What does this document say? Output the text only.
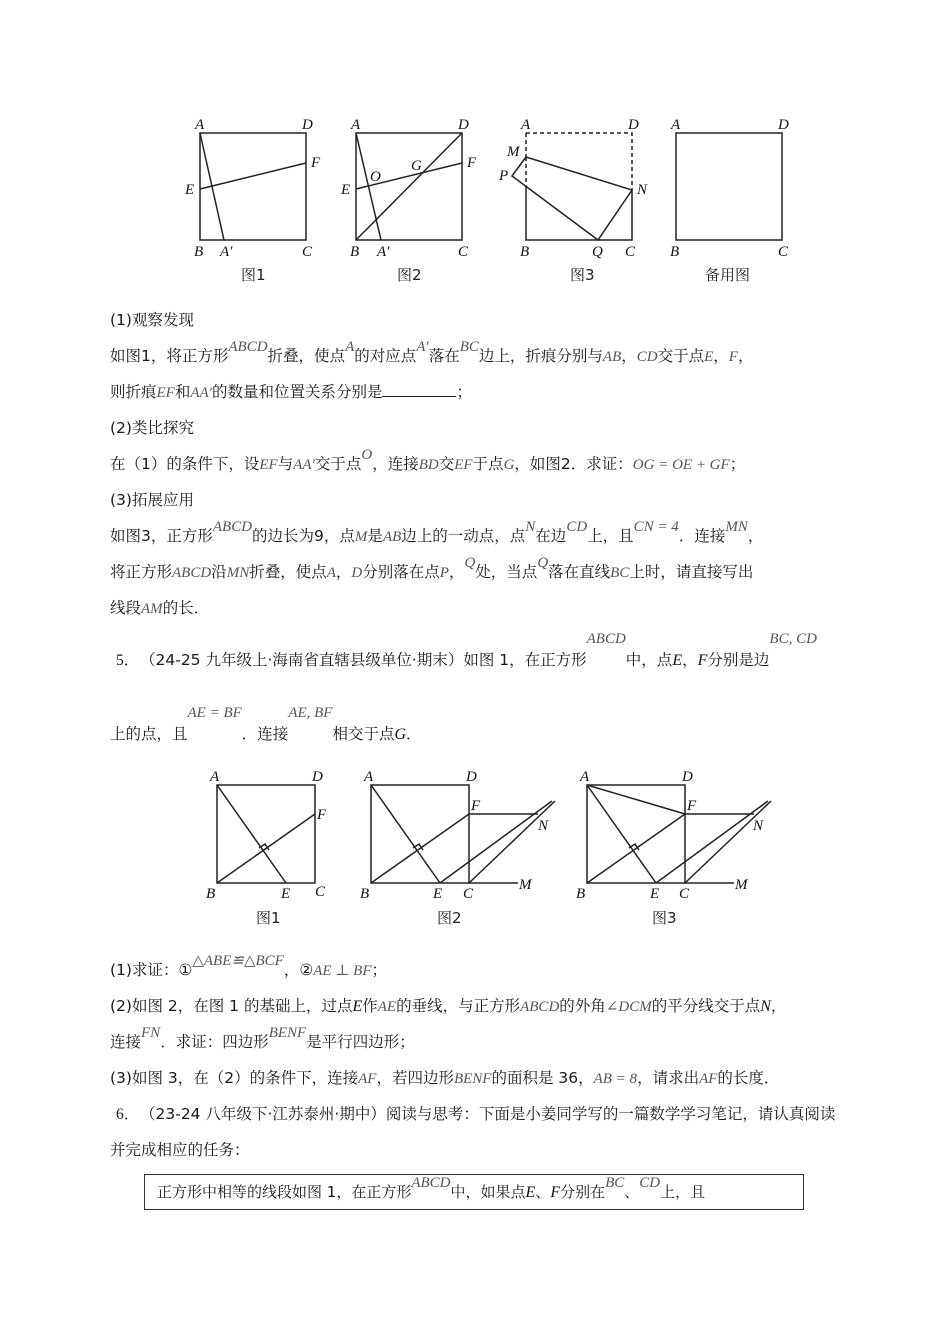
A	D
F
E
B A′	C
图1
A	D
O
G	F
E
B A′	C
图2
A	D
M
P
N
B	Q C
图3
A	D
B	C
备用图
(1)观察发现
如图1，将正方形ABCD折叠，使点A的对应点A′落在BC边上，折痕分别与AB，CD交于点E，F，
则折痕EF和AA′的数量和位置关系分别是	；
(2)类比探究
在（1）的条件下，设EF与AA′交于点O，连接BD交EF于点G，如图2．求证：OG = OE + GF；
(3)拓展应用
如图3，正方形ABCD的边长为9，点M是AB边上的一动点，点N在边CD上，且CN = 4．连接MN，
将正方形ABCD沿MN折叠，使点A，D分别落在点P，Q处，当点Q落在直线BC上时，请直接写出
线段AM的长．
5． （24-25 九年级上·海南省直辖县级单位·期末）如图 1，在正方形ABCD中，点E，F分别是边BC, CD
上的点，且AE = BF．连接AE, BF相交于点G．
A	D
F
B	E C
图1
A	D
F
N
B	E C
M
图2
A	D
F
N
B	E C
M
图3
(1)求证：①△ABE≌△BCF，②AE ⊥ BF；
(2)如图 2，在图 1 的基础上，过点E作AE的垂线，与正方形ABCD的外角∠DCM的平分线交于点N，
连接FN．求证：四边形BENF是平行四边形；
(3)如图 3，在（2）的条件下，连接AF，若四边形BENF的面积是 36，AB = 8，请求出AF的长度．
6． （23-24 八年级下·江苏泰州·期中）阅读与思考：下面是小姜同学写的一篇数学学习笔记，请认真阅读
并完成相应的任务：
正方形中相等的线段如图 1，在正方形ABCD中，如果点E、F分别在BC、CD上，且
